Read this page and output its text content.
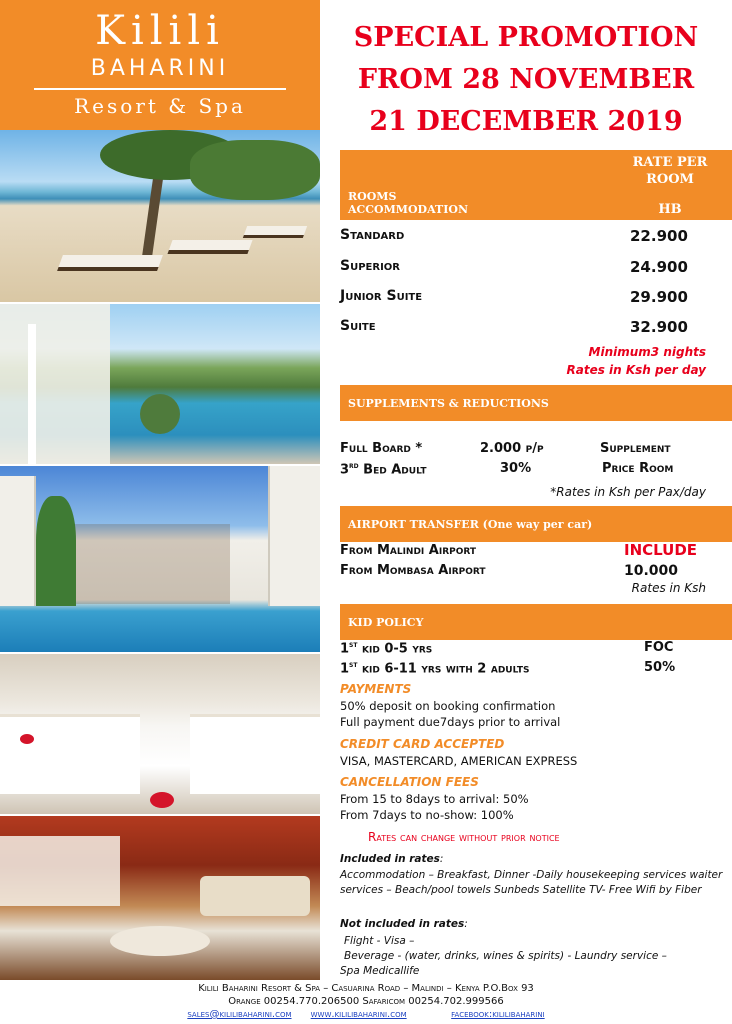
Kilili
BAHARINI
Resort & Spa
SPECIAL PROMOTION
FROM 28 NOVEMBER
21 DECEMBER 2019
ROOMS
ACCOMMODATION
RATE PER
ROOM
HB
Standard	22.900
Superior	24.900
Junior Suite	29.900
Suite	32.900
Minimum3 nights
Rates in Ksh per day
SUPPLEMENTS & REDUCTIONS
Full Board *	2.000 p/p	Supplement
3rd Bed Adult	30%	Price Room
*Rates in Ksh per Pax/day
AIRPORT TRANSFER (One way per car)
From Malindi Airport	INCLUDE
From Mombasa Airport	10.000
Rates in Ksh
KID POLICY
1st kid 0-5 yrs	FOC
1st kid 6-11 yrs with 2 adults	50%
PAYMENTS
50% deposit on booking confirmation
Full payment due7days prior to arrival
CREDIT CARD ACCEPTED
VISA, MASTERCARD, AMERICAN EXPRESS
CANCELLATION FEES
From 15 to 8days to arrival: 50%
From 7days to no-show: 100%
Rates can change without prior notice
Included in rates:
Accommodation – Breakfast, Dinner -Daily housekeeping services waiter services – Beach/pool towels Sunbeds Satellite TV- Free Wifi by Fiber
Not included in rates:
Flight - Visa –
Beverage - (water, drinks, wines & spirits) - Laundry service –
Spa Medicallife
Kilili Baharini Resort & Spa – Casuarina Road – Malindi – Kenya P.O.Box 93
Orange 00254.770.206500 Safaricom 00254.702.999566
sales@kililibaharini.com www.kililibaharini.com	facebook:kililibaharini
